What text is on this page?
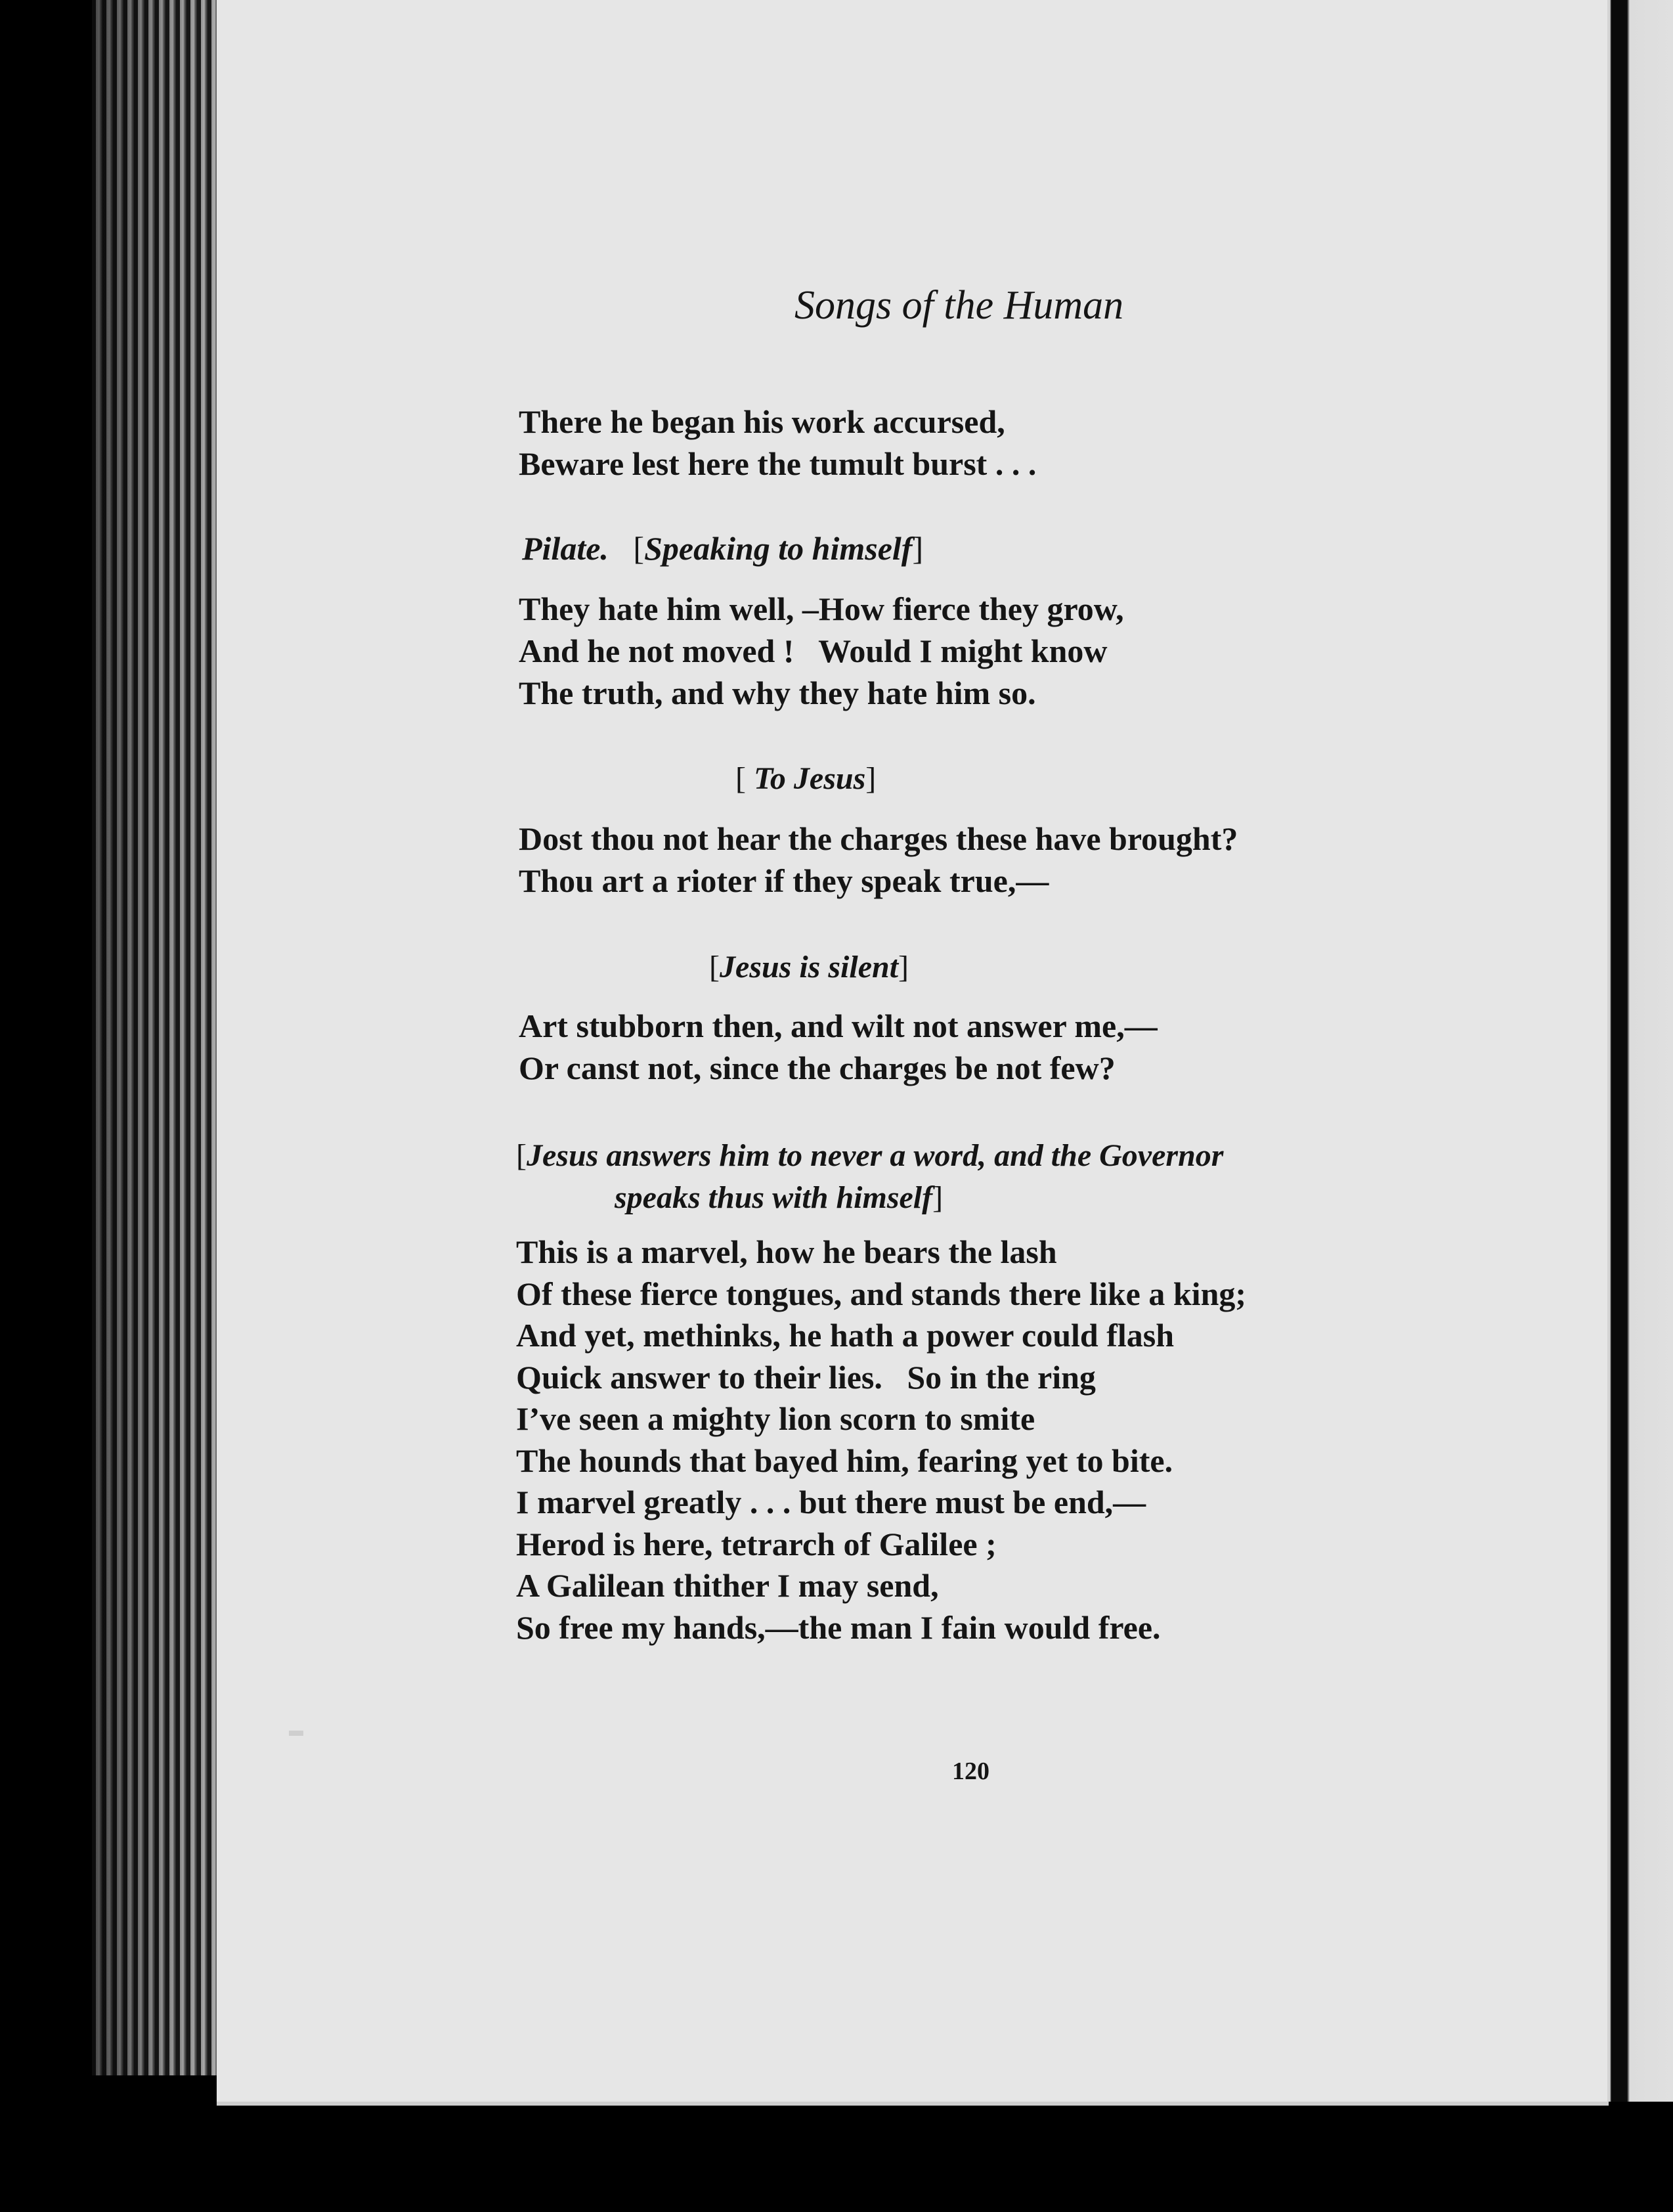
Songs of the Human
There he began his work accursed,
Beware lest here the tumult burst . . .
Pilate. [Speaking to himself]
They hate him well, –How fierce they grow,
And he not moved !   Would I might know
The truth, and why they hate him so.
[ To Jesus]
Dost thou not hear the charges these have brought?
Thou art a rioter if they speak true,—
[Jesus is silent]
Art stubborn then, and wilt not answer me,—
Or canst not, since the charges be not few?
[Jesus answers him to never a word, and the Governor
speaks thus with himself]
This is a marvel, how he bears the lash
Of these fierce tongues, and stands there like a king;
And yet, methinks, he hath a power could flash
Quick answer to their lies.   So in the ring
I’ve seen a mighty lion scorn to smite
The hounds that bayed him, fearing yet to bite.
I marvel greatly . . . but there must be end,—
Herod is here, tetrarch of Galilee ;
A Galilean thither I may send,
So free my hands,—the man I fain would free.
120
